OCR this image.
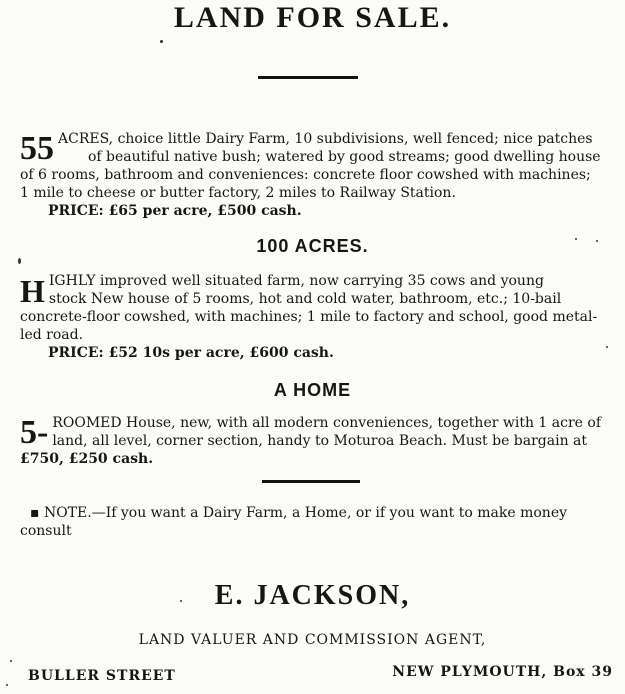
LAND FOR SALE.
55 ACRES, choice little Dairy Farm, 10 subdivisions, well fenced; nice patches
of beautiful native bush; watered by good streams; good dwelling house
of 6 rooms, bathroom and conveniences: concrete floor cowshed with machines;
1 mile to cheese or butter factory, 2 miles to Railway Station.
PRICE: £65 per acre, £500 cash.
100 ACRES.
H IGHLY improved well situated farm, now carrying 35 cows and young
stock New house of 5 rooms, hot and cold water, bathroom, etc.; 10-bail
concrete-floor cowshed, with machines; 1 mile to factory and school, good metal-
led road.
PRICE: £52 10s per acre, £600 cash.
A HOME
5- ROOMED House, new, with all modern conveniences, together with 1 acre of
land, all level, corner section, handy to Moturoa Beach. Must be bargain at
£750, £250 cash.
▪ NOTE.—If you want a Dairy Farm, a Home, or if you want to make money
consult
E. JACKSON,
LAND VALUER AND COMMISSION AGENT,
BULLER STREET	NEW PLYMOUTH, Box 39
